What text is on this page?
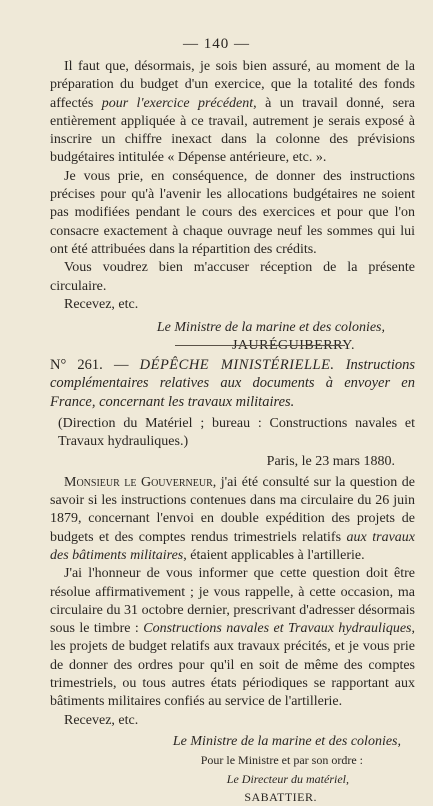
— 140 —

Il faut que, désormais, je sois bien assuré, au moment de la préparation du budget d'un exercice, que la totalité des fonds affectés pour l'exercice précédent, à un travail donné, sera entièrement appliquée à ce travail, autrement je serais exposé à inscrire un chiffre inexact dans la colonne des prévisions budgétaires intitulée « Dépense antérieure, etc. ».

Je vous prie, en conséquence, de donner des instructions précises pour qu'à l'avenir les allocations budgétaires ne soient pas modifiées pendant le cours des exercices et pour que l'on consacre exactement à chaque ouvrage neuf les sommes qui lui ont été attribuées dans la répartition des crédits.

Vous voudrez bien m'accuser réception de la présente circulaire.

Recevez, etc.

Le Ministre de la marine et des colonies,

JAURÉGUIBERRY.

N° 261. — DÉPÊCHE MINISTÉRIELLE. Instructions complémentaires relatives aux documents à envoyer en France, concernant les travaux militaires.

(Direction du Matériel ; bureau : Constructions navales et Travaux hydrauliques.)

Paris, le 23 mars 1880.

Monsieur le Gouverneur, j'ai été consulté sur la question de savoir si les instructions contenues dans ma circulaire du 26 juin 1879, concernant l'envoi en double expédition des projets de budgets et des comptes rendus trimestriels relatifs aux travaux des bâtiments militaires, étaient applicables à l'artillerie.

J'ai l'honneur de vous informer que cette question doit être résolue affirmativement ; je vous rappelle, à cette occasion, ma circulaire du 31 octobre dernier, prescrivant d'adresser désormais sous le timbre : Constructions navales et Travaux hydrauliques, les projets de budget relatifs aux travaux précités, et je vous prie de donner des ordres pour qu'il en soit de même des comptes trimestriels, ou tous autres états périodiques se rapportant aux bâtiments militaires confiés au service de l'artillerie.

Recevez, etc.

Le Ministre de la marine et des colonies,

Pour le Ministre et par son ordre :

Le Directeur du matériel,

SABATTIER.
